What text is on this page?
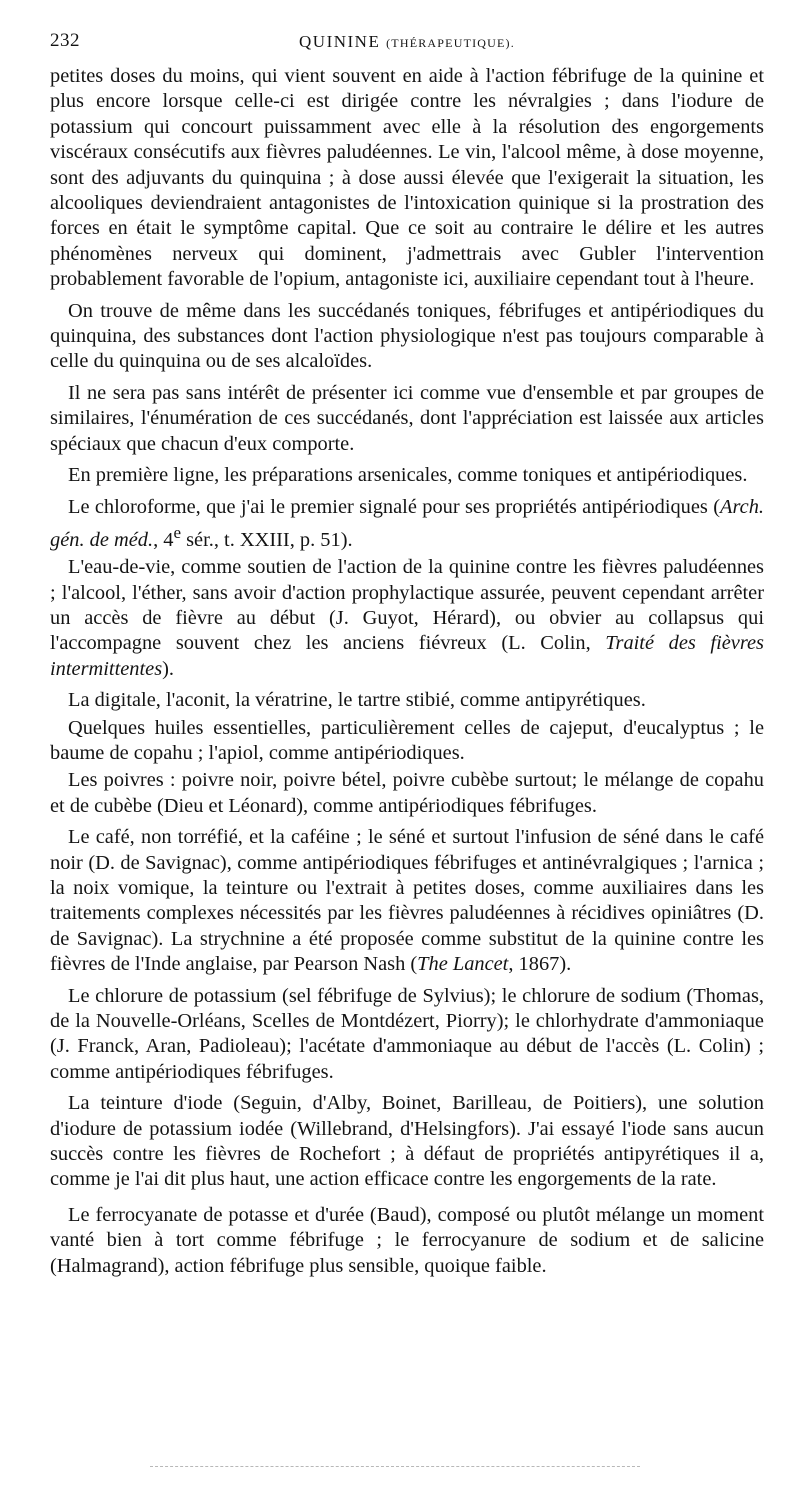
232	QUININE (THÉRAPEUTIQUE).

petites doses du moins, qui vient souvent en aide à l'action fébrifuge de la quinine et plus encore lorsque celle-ci est dirigée contre les névralgies ; dans l'iodure de potassium qui concourt puissamment avec elle à la résolution des engorgements viscéraux consécutifs aux fièvres paludéennes. Le vin, l'alcool même, à dose moyenne, sont des adjuvants du quinquina ; à dose aussi élevée que l'exigerait la situation, les alcooliques deviendraient antagonistes de l'intoxication quinique si la prostration des forces en était le symptôme capital. Que ce soit au contraire le délire et les autres phénomènes nerveux qui dominent, j'admettrais avec Gubler l'intervention probablement favorable de l'opium, antagoniste ici, auxiliaire cependant tout à l'heure.

On trouve de même dans les succédanés toniques, fébrifuges et antipériodiques du quinquina, des substances dont l'action physiologique n'est pas toujours comparable à celle du quinquina ou de ses alcaloïdes.

Il ne sera pas sans intérêt de présenter ici comme vue d'ensemble et par groupes de similaires, l'énumération de ces succédanés, dont l'appréciation est laissée aux articles spéciaux que chacun d'eux comporte.

En première ligne, les préparations arsenicales, comme toniques et antipériodiques.

Le chloroforme, que j'ai le premier signalé pour ses propriétés antipériodiques (Arch. gén. de méd., 4e sér., t. XXIII, p. 51).

L'eau-de-vie, comme soutien de l'action de la quinine contre les fièvres paludéennes ; l'alcool, l'éther, sans avoir d'action prophylactique assurée, peuvent cependant arrêter un accès de fièvre au début (J. Guyot, Hérard), ou obvier au collapsus qui l'accompagne souvent chez les anciens fiévreux (L. Colin, Traité des fièvres intermittentes).

La digitale, l'aconit, la vératrine, le tartre stibié, comme antipyrétiques.

Quelques huiles essentielles, particulièrement celles de cajeput, d'eucalyptus ; le baume de copahu ; l'apiol, comme antipériodiques.

Les poivres : poivre noir, poivre bétel, poivre cubèbe surtout; le mélange de copahu et de cubèbe (Dieu et Léonard), comme antipériodiques fébrifuges.

Le café, non torréfié, et la caféine ; le séné et surtout l'infusion de séné dans le café noir (D. de Savignac), comme antipériodiques fébrifuges et antinévralgiques ; l'arnica ; la noix vomique, la teinture ou l'extrait à petites doses, comme auxiliaires dans les traitements complexes nécessités par les fièvres paludéennes à récidives opiniâtres (D. de Savignac). La strychnine a été proposée comme substitut de la quinine contre les fièvres de l'Inde anglaise, par Pearson Nash (The Lancet, 1867).

Le chlorure de potassium (sel fébrifuge de Sylvius); le chlorure de sodium (Thomas, de la Nouvelle-Orléans, Scelles de Montdézert, Piorry); le chlorhydrate d'ammoniaque (J. Franck, Aran, Padioleau); l'acétate d'ammoniaque au début de l'accès (L. Colin) ; comme antipériodiques fébrifuges.

La teinture d'iode (Seguin, d'Alby, Boinet, Barilleau, de Poitiers), une solution d'iodure de potassium iodée (Willebrand, d'Helsingfors). J'ai essayé l'iode sans aucun succès contre les fièvres de Rochefort ; à défaut de propriétés antipyrétiques il a, comme je l'ai dit plus haut, une action efficace contre les engorgements de la rate.

Le ferrocyanate de potasse et d'urée (Baud), composé ou plutôt mélange un moment vanté bien à tort comme fébrifuge ; le ferrocyanure de sodium et de salicine (Halmagrand), action fébrifuge plus sensible, quoique faible.
